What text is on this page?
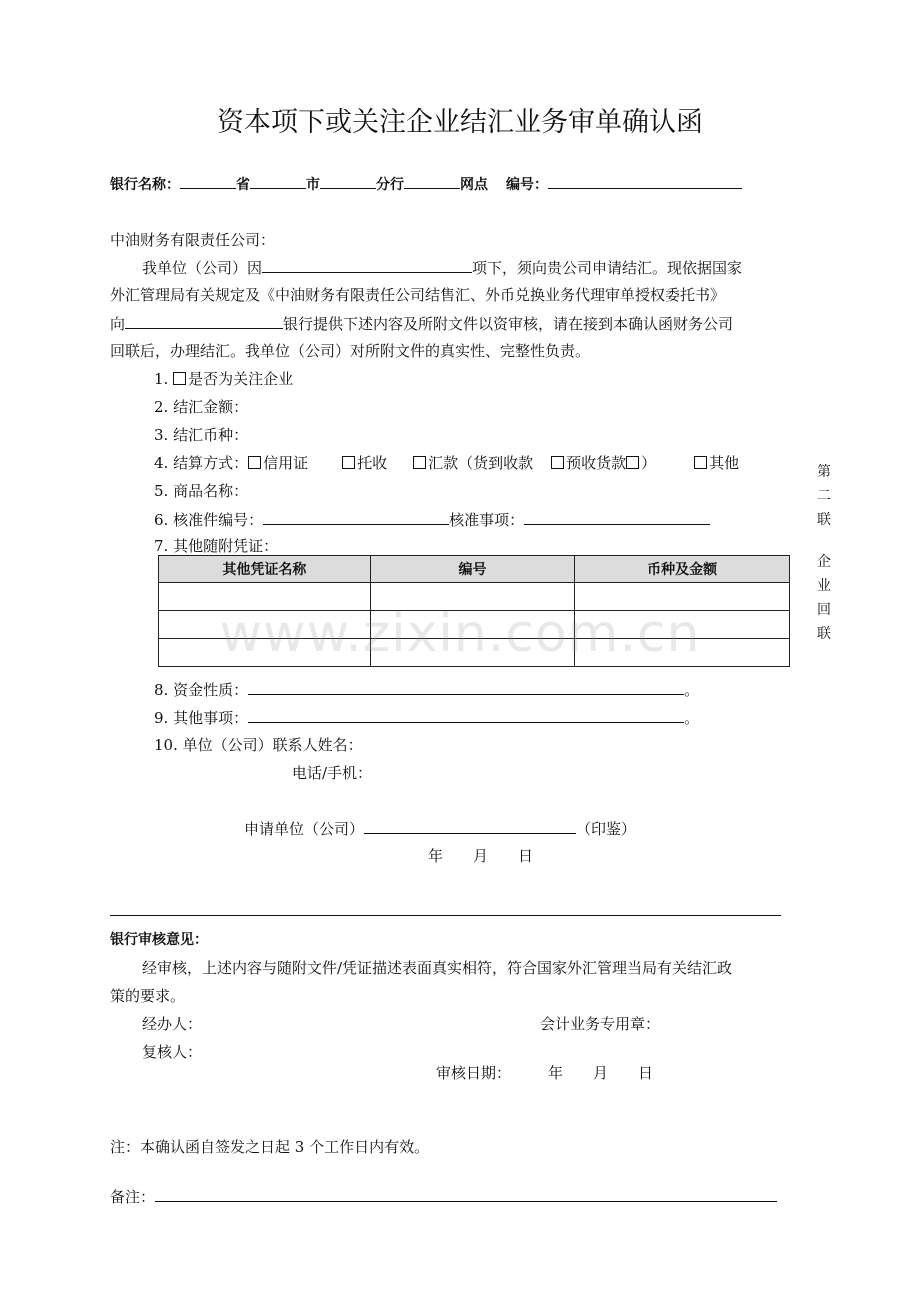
资本项下或关注企业结汇业务审单确认函
银行名称：	省	市	分行	网点 编号：
中油财务有限责任公司：
我单位（公司）因	项下，须向贵公司申请结汇。现依据国家
外汇管理局有关规定及《中油财务有限责任公司结售汇、外币兑换业务代理审单授权委托书》
向	银行提供下述内容及所附文件以资审核，请在接到本确认函财务公司
回联后，办理结汇。我单位（公司）对所附文件的真实性、完整性负责。
1. 是否为关注企业
2. 结汇金额：
3. 结汇币种：
4. 结算方式： 信用证	托收	汇款（货到收款 预收货款 ）	其他
5. 商品名称：
6. 核准件编号：	核准事项：
7. 其他随附凭证：
其他凭证名称	编号	币种及金额

www.zixin.com.cn
8. 资金性质：	。
9. 其他事项：	。
10. 单位（公司）联系人姓名：
电话/手机：
申请单位（公司）	（印鉴）
年　　月　　日
银行审核意见：
经审核，上述内容与随附文件/凭证描述表面真实相符，符合国家外汇管理当局有关结汇政
策的要求。
经办人：	会计业务专用章：
复核人：
审核日期： 年　　月　　日
注：本确认函自签发之日起 3 个工作日内有效。
备注：
第
二
联
企
业
回
联
